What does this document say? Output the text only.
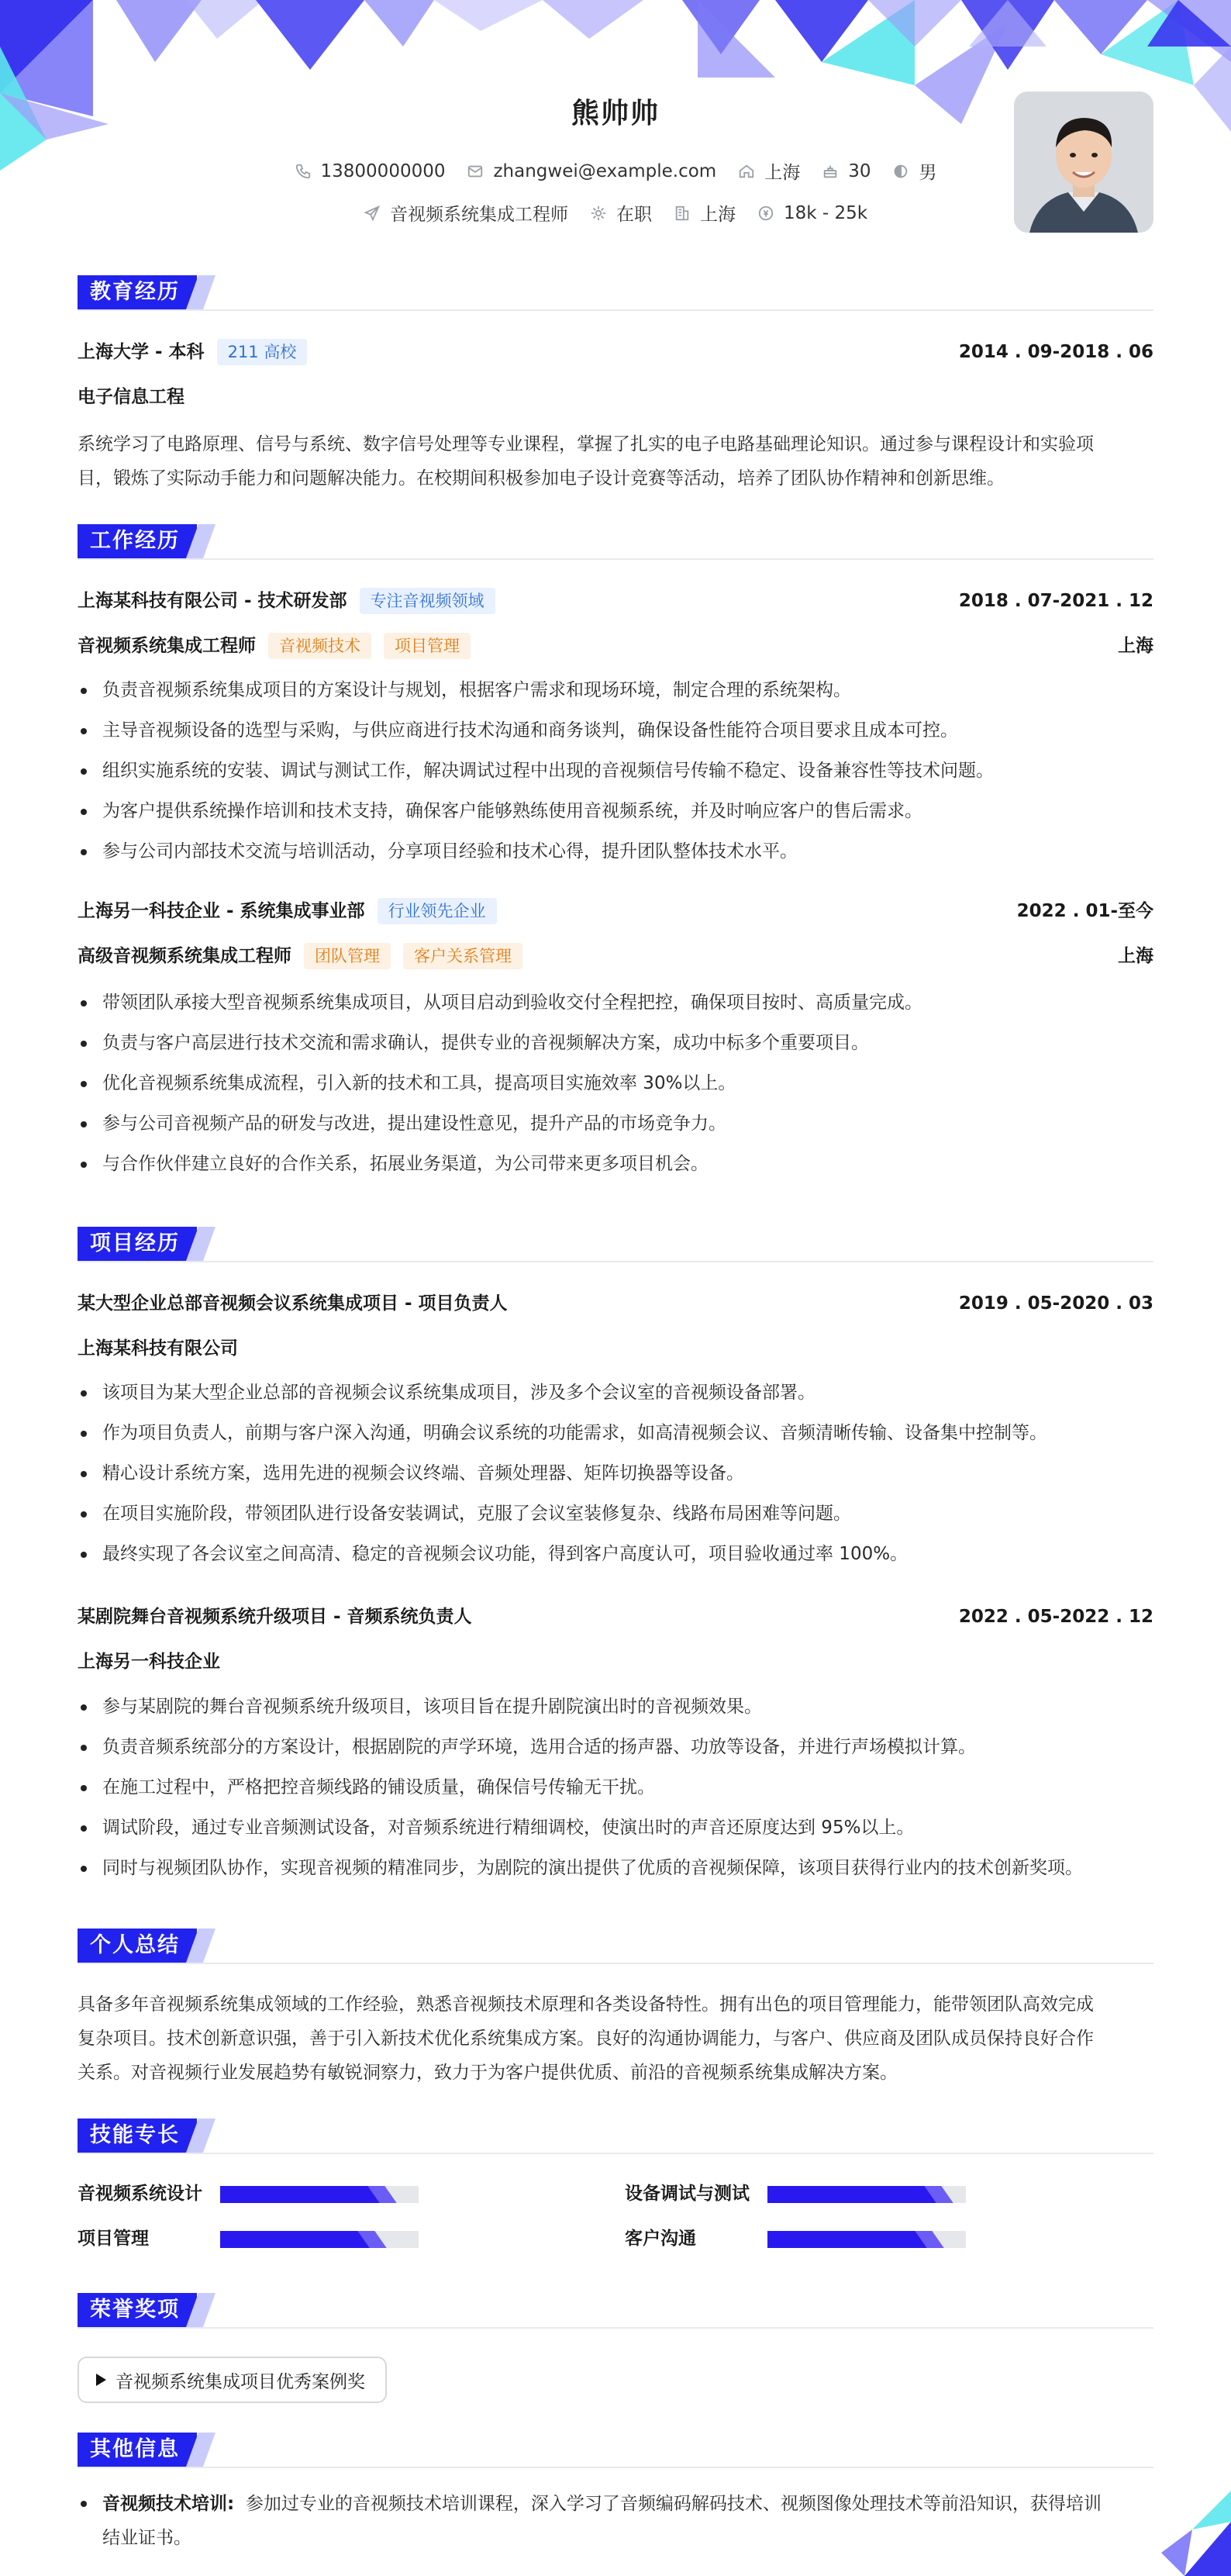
熊帅帅
13800000000	zhangwei@example.com	上海	30	男
音视频系统集成工程师	在职	上海	18k - 25k
教育经历
上海大学 - 本科	211 高校	2014 . 09-2018 . 06
电子信息工程
系统学习了电路原理、信号与系统、数字信号处理等专业课程，掌握了扎实的电子电路基础理论知识。通过参与课程设计和实验项
目，锻炼了实际动手能力和问题解决能力。在校期间积极参加电子设计竞赛等活动，培养了团队协作精神和创新思维。
工作经历
上海某科技有限公司 - 技术研发部	专注音视频领域	2018 . 07-2021 . 12
音视频系统集成工程师	音视频技术	项目管理	上海
负责音视频系统集成项目的方案设计与规划，根据客户需求和现场环境，制定合理的系统架构。
主导音视频设备的选型与采购，与供应商进行技术沟通和商务谈判，确保设备性能符合项目要求且成本可控。
组织实施系统的安装、调试与测试工作，解决调试过程中出现的音视频信号传输不稳定、设备兼容性等技术问题。
为客户提供系统操作培训和技术支持，确保客户能够熟练使用音视频系统，并及时响应客户的售后需求。
参与公司内部技术交流与培训活动，分享项目经验和技术心得，提升团队整体技术水平。
上海另一科技企业 - 系统集成事业部	行业领先企业	2022 . 01-至今
高级音视频系统集成工程师	团队管理	客户关系管理	上海
带领团队承接大型音视频系统集成项目，从项目启动到验收交付全程把控，确保项目按时、高质量完成。
负责与客户高层进行技术交流和需求确认，提供专业的音视频解决方案，成功中标多个重要项目。
优化音视频系统集成流程，引入新的技术和工具，提高项目实施效率 30%以上。
参与公司音视频产品的研发与改进，提出建设性意见，提升产品的市场竞争力。
与合作伙伴建立良好的合作关系，拓展业务渠道，为公司带来更多项目机会。
项目经历
某大型企业总部音视频会议系统集成项目 - 项目负责人	2019 . 05-2020 . 03
上海某科技有限公司
该项目为某大型企业总部的音视频会议系统集成项目，涉及多个会议室的音视频设备部署。
作为项目负责人，前期与客户深入沟通，明确会议系统的功能需求，如高清视频会议、音频清晰传输、设备集中控制等。
精心设计系统方案，选用先进的视频会议终端、音频处理器、矩阵切换器等设备。
在项目实施阶段，带领团队进行设备安装调试，克服了会议室装修复杂、线路布局困难等问题。
最终实现了各会议室之间高清、稳定的音视频会议功能，得到客户高度认可，项目验收通过率 100%。
某剧院舞台音视频系统升级项目 - 音频系统负责人	2022 . 05-2022 . 12
上海另一科技企业
参与某剧院的舞台音视频系统升级项目，该项目旨在提升剧院演出时的音视频效果。
负责音频系统部分的方案设计，根据剧院的声学环境，选用合适的扬声器、功放等设备，并进行声场模拟计算。
在施工过程中，严格把控音频线路的铺设质量，确保信号传输无干扰。
调试阶段，通过专业音频测试设备，对音频系统进行精细调校，使演出时的声音还原度达到 95%以上。
同时与视频团队协作，实现音视频的精准同步，为剧院的演出提供了优质的音视频保障，该项目获得行业内的技术创新奖项。
个人总结
具备多年音视频系统集成领域的工作经验，熟悉音视频技术原理和各类设备特性。拥有出色的项目管理能力，能带领团队高效完成
复杂项目。技术创新意识强，善于引入新技术优化系统集成方案。良好的沟通协调能力，与客户、供应商及团队成员保持良好合作
关系。对音视频行业发展趋势有敏锐洞察力，致力于为客户提供优质、前沿的音视频系统集成解决方案。
技能专长
音视频系统设计	设备调试与测试
项目管理	客户沟通
荣誉奖项
音视频系统集成项目优秀案例奖
其他信息
音视频技术培训: 参加过专业的音视频技术培训课程，深入学习了音频编码解码技术、视频图像处理技术等前沿知识，获得培训
结业证书。
